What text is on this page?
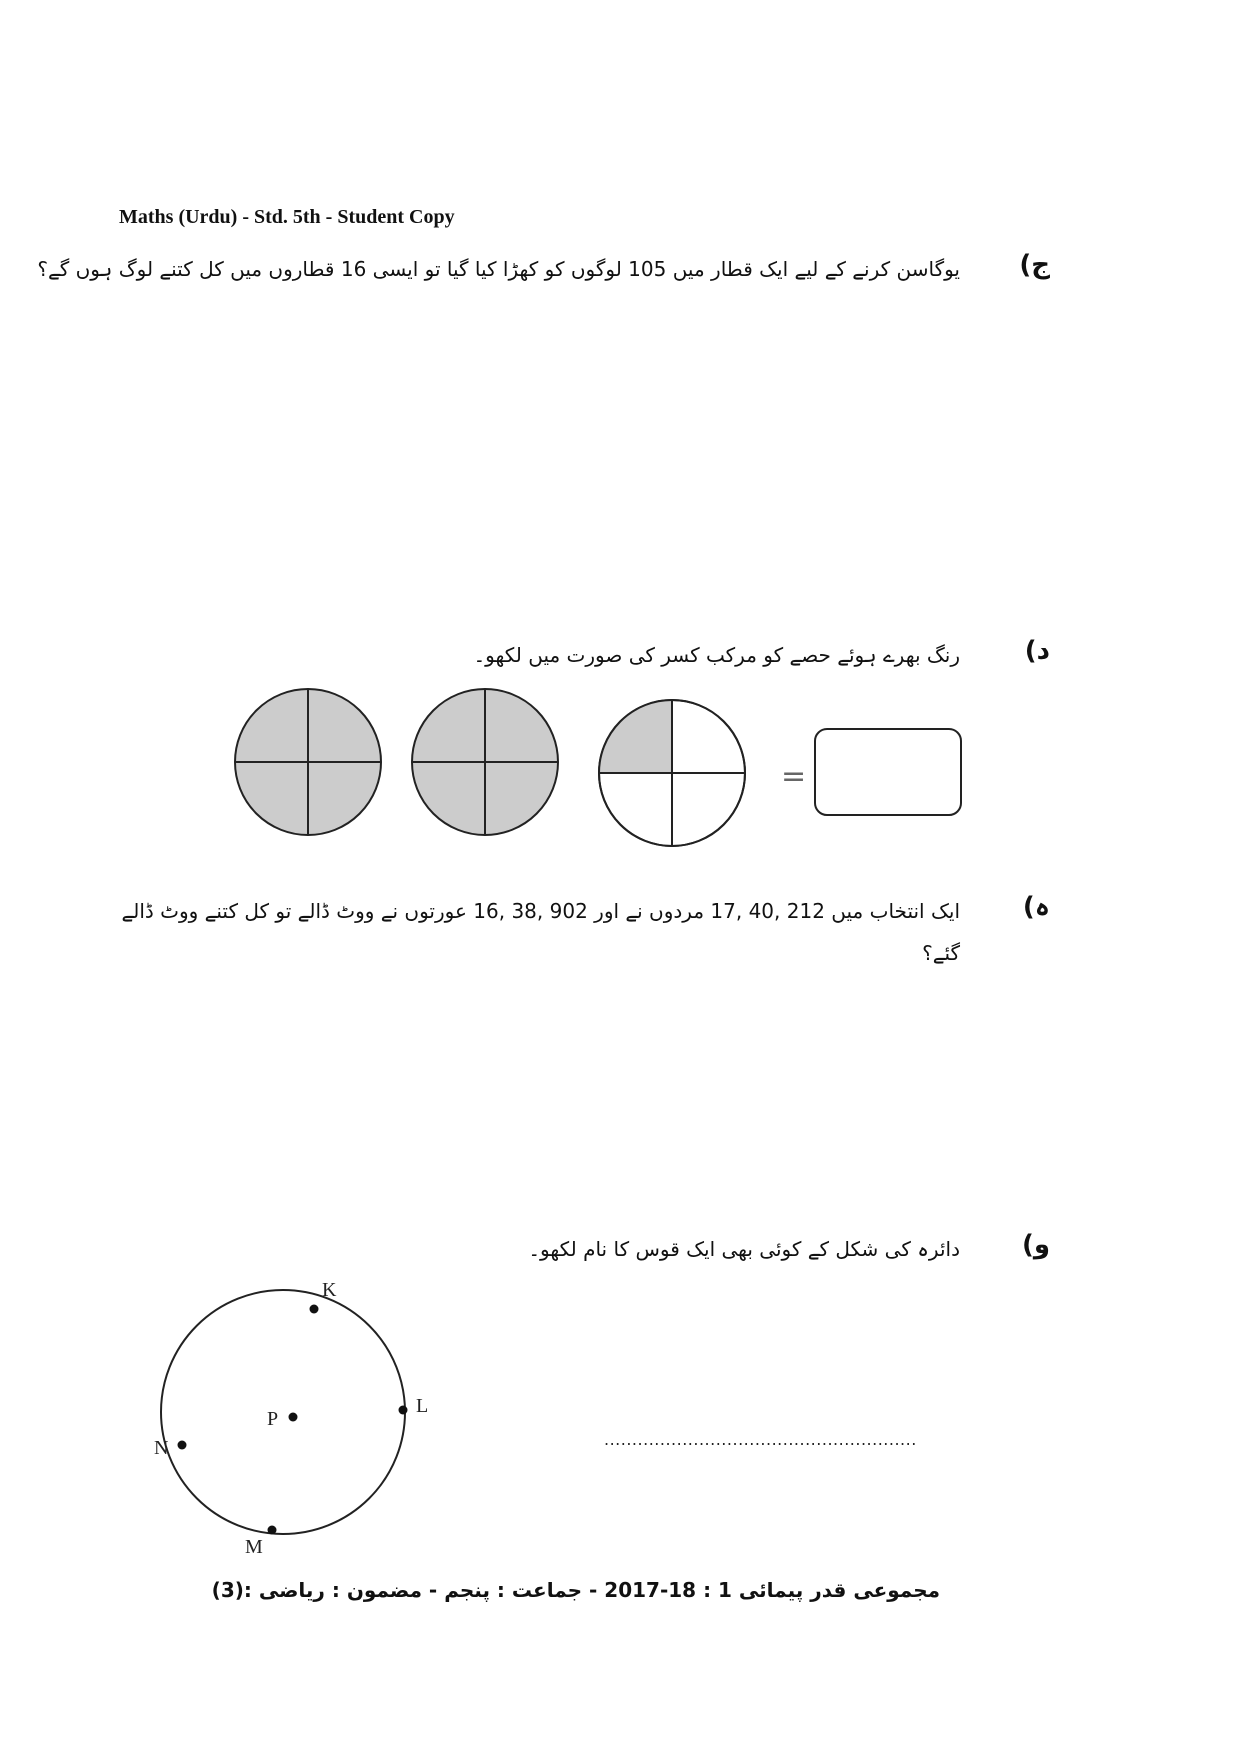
Maths (Urdu) - Std. 5th - Student Copy
ج)
یوگاسن کرنے کے لیے ایک قطار میں 105 لوگوں کو کھڑا کیا گیا تو ایسی 16 قطاروں میں کل کتنے لوگ ہوں گے؟
د)
رنگ بھرے ہوئے حصے کو مرکب کسر کی صورت میں لکھو۔
=
ہ)
ایک انتخاب میں 212 ,40 ,17 مردوں نے اور 902 ,38 ,16 عورتوں نے ووٹ ڈالے تو کل کتنے ووٹ ڈالے گئے؟
و)
دائرہ کی شکل کے کوئی بھی ایک قوس کا نام لکھو۔
P
K
L
M
N	........................................................
مجموعی قدر پیمائی 1 : 18-2017 - جماعت : پنجم - مضمون : ریاضی :(3)
